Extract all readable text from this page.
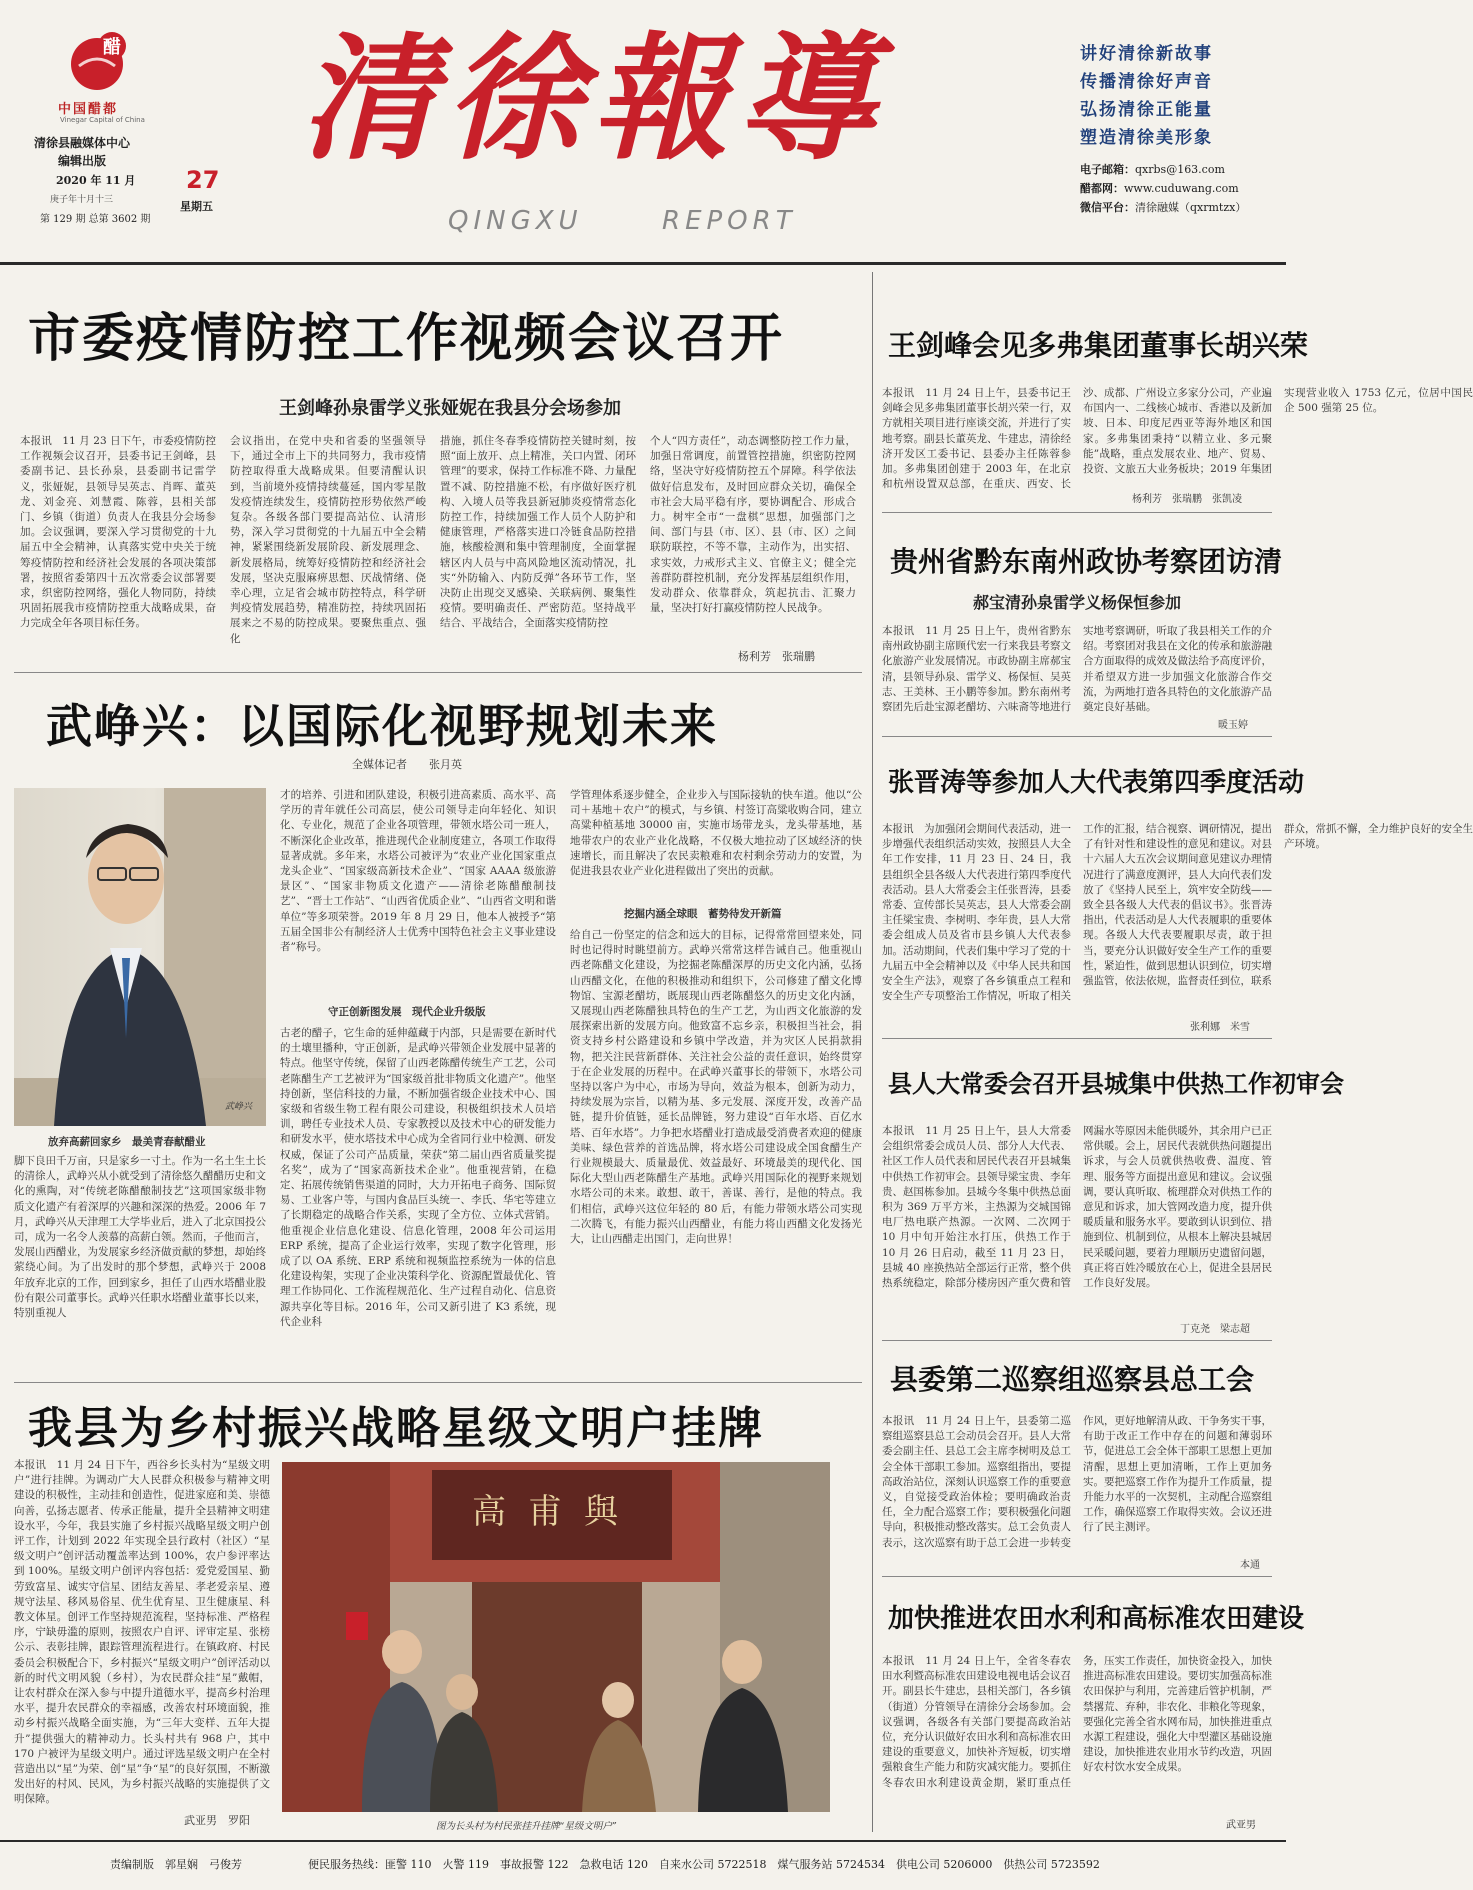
醋
中国醋都
Vinegar Capital of China
清徐县融媒体中心
编辑出版
2020 年 11 月 27
庚子年十月十三	星期五
第 129 期 总第 3602 期
清徐報導
QINGXU	REPORT
讲好清徐新故事
传播清徐好声音
弘扬清徐正能量
塑造清徐美形象
电子邮箱：qxrbs@163.com
醋都网：www.cuduwang.com
微信平台：清徐融媒（qxrmtzx）
市委疫情防控工作视频会议召开
王剑峰孙泉雷学义张娅妮在我县分会场参加
本报讯　11 月 23 日下午，市委疫情防控工作视频会议召开，县委书记王剑峰，县委副书记、县长孙泉，县委副书记雷学义，张娅妮，县领导吴英志、肖晖、董英龙、刘金亮、刘慧霞、陈蓉，县相关部门、乡镇（街道）负责人在我县分会场参加。会议强调，要深入学习贯彻党的十九届五中全会精神，认真落实党中央关于统筹疫情防控和经济社会发展的各项决策部署，按照省委第四十五次常委会议部署要求，织密防控网络，强化人物同防，持续巩固拓展我市疫情防控重大战略成果，奋力完成全年各项目标任务。
会议指出，在党中央和省委的坚强领导下，通过全市上下的共同努力，我市疫情防控取得重大战略成果。但要清醒认识到，当前境外疫情持续蔓延，国内零星散发疫情连续发生，疫情防控形势依然严峻复杂。各级各部门要提高站位、认清形势，深入学习贯彻党的十九届五中全会精神，紧紧围绕新发展阶段、新发展理念、新发展格局，统筹好疫情防控和经济社会发展，坚决克服麻痹思想、厌战情绪、侥幸心理，立足省会城市防控特点，科学研判疫情发展趋势，精准防控，持续巩固拓展来之不易的防控成果。要聚焦重点、强化
措施，抓住冬春季疫情防控关键时刻，按照“面上放开、点上精准，关口内置、闭环管理”的要求，保持工作标准不降、力量配置不减、防控措施不松，有序做好医疗机构、入境人员等我县新冠肺炎疫情常态化防控工作，持续加强工作人员个人防护和健康管理，严格落实进口冷链食品防控措施，核酸检测和集中管理制度，全面掌握辖区内人员与中高风险地区流动情况，扎实“外防输入、内防反弹”各环节工作，坚决防止出现交叉感染、关联病例、聚集性疫情。要明确责任、严密防范。坚持战平结合、平战结合，全面落实疫情防控
个人“四方责任”，动态调整防控工作力量，加强日常调度，前置管控措施，织密防控网络，坚决守好疫情防控五个屏障。科学依法做好信息发布，及时回应群众关切，确保全市社会大局平稳有序，要协调配合、形成合力。树牢全市“一盘棋”思想，加强部门之间、部门与县（市、区）、县（市、区）之间联防联控，不等不靠，主动作为，出实招、求实效，力戒形式主义、官僚主义；健全完善群防群控机制，充分发挥基层组织作用，发动群众、依靠群众，筑起抗击、汇聚力量，坚决打好打赢疫情防控人民战争。
杨利芳　张瑞鹏
武峥兴：以国际化视野规划未来
全媒体记者　　张月英
武峥兴
放弃高薪回家乡　最美青春献醋业
脚下良田千万亩，只是家乡一寸土。作为一名土生土长的清徐人，武峥兴从小就受到了清徐悠久醋醋历史和文化的熏陶，对“传统老陈醋酿制技艺”这项国家级非物质文化遗产有着深厚的兴趣和深深的热爱。2006 年 7 月，武峥兴从天津理工大学毕业后，进入了北京国投公司，成为一名令人羡慕的高薪白领。然而，子他而言，发展山西醋业，为发展家乡经济做贡献的梦想，却始终萦绕心间。为了出发时的那个梦想，武峥兴于 2008 年放弃北京的工作，回到家乡，担任了山西水塔醋业股份有限公司董事长。武峥兴任职水塔醋业董事长以来，特别重视人
才的培养、引进和团队建设，积极引进高素质、高水平、高学历的青年就任公司高层，使公司领导走向年轻化、知识化、专业化，规范了企业各项管理，带领水塔公司一班人，不断深化企业改革，推进现代企业制度建立，各项工作取得显著成就。多年来，水塔公司被评为“农业产业化国家重点龙头企业”、“国家级高新技术企业”、“国家 AAAA 级旅游景区”、“国家非物质文化遗产——清徐老陈醋酿制技艺”、“晋士工作站”、“山西省优质企业”、“山西省文明和谐单位”等多项荣誉。2019 年 8 月 29 日，他本人被授予“第五届全国非公有制经济人士优秀中国特色社会主义事业建设者”称号。
守正创新图发展　现代企业升级版
古老的醋子，它生命的延伸蕴藏于内部，只是需要在新时代的土壤里播种，守正创新，是武峥兴带领企业发展中显著的特点。他坚守传统，保留了山西老陈醋传统生产工艺，公司老陈醋生产工艺被评为“国家级首批非物质文化遗产”。他坚持创新，坚信科技的力量，不断加强省级企业技术中心、国家级和省级生物工程有限公司建设，积极组织技术人员培训，聘任专业技术人员、专家教授以及技术中心的研发能力和研发水平，使水塔技术中心成为全省同行业中检测、研发权威，保证了公司产品质量，荣获“第二届山西省质量奖提名奖”，成为了“国家高新技术企业”。他重视营销，在稳定、拓展传统销售渠道的同时，大力开拓电子商务、国际贸易、工业客户等，与国内食品巨头统一、李氏、华宅等建立了长期稳定的战略合作关系，实现了全方位、立体式营销。他重视企业信息化建设、信息化管理，2008 年公司运用 ERP 系统，提高了企业运行效率，实现了数字化管理，形成了以 OA 系统、ERP 系统和视频监控系统为一体的信息化建设构架，实现了企业决策科学化、资源配置最优化、管理工作协同化、工作流程规范化、生产过程自动化、信息资源共享化等目标。2016 年，公司又新引进了 K3 系统，现代企业科
学管理体系逐步健全，企业步入与国际接轨的快车道。他以“公司＋基地＋农户”的模式，与乡镇、村签订高粱收购合同，建立高粱种植基地 30000 亩，实施市场带龙头，龙头带基地，基地带农户的农业产业化战略，不仅极大地拉动了区域经济的快速增长，而且解决了农民卖粮难和农村剩余劳动力的安置，为促进我县农业产业化进程做出了突出的贡献。
挖掘内涵全球眼　蓄势待发开新篇
给自己一份坚定的信念和远大的目标，记得常常回望来处，同时也记得时时眺望前方。武峥兴常常这样告诫自己。他重视山西老陈醋文化建设，为挖掘老陈醋深厚的历史文化内涵，弘扬山西醋文化，在他的积极推动和组织下，公司修建了醋文化博物馆、宝源老醋坊，既展现山西老陈醋悠久的历史文化内涵，又展现山西老陈醋独具特色的生产工艺，为山西文化旅游的发展探索出新的发展方向。他致富不忘乡亲，积极担当社会，捐资支持乡村公路建设和乡镇中学改造，并为灾区人民捐款捐物，把关注民营新群体、关注社会公益的责任意识，始终贯穿于在企业发展的历程中。在武峥兴董事长的带领下，水塔公司坚持以客户为中心，市场为导向，效益为根本，创新为动力，持续发展为宗旨，以精为基、多元发展、深度开发，改善产品链，提升价值链，延长品牌链，努力建设“百年水塔、百亿水塔、百年水塔”。力争把水塔醋业打造成最受消费者欢迎的健康美味、绿色营养的首选品牌，将水塔公司建设成全国食醋生产行业规模最大、质量最优、效益最好、环境最美的现代化、国际化大型山西老陈醋生产基地。武峥兴用国际化的视野来规划水塔公司的未来。敢想、敢干，善谋、善行，是他的特点。我们相信，武峥兴这位年轻的 80 后，有能力带领水塔公司实现二次腾飞，有能力振兴山西醋业，有能力将山西醋文化发扬光大，让山西醋走出国门，走向世界！
我县为乡村振兴战略星级文明户挂牌
本报讯　11 月 24 日下午，西谷乡长头村为“星级文明户”进行挂牌。为调动广大人民群众积极参与精神文明建设的积极性，主动挂和创造性，促进家庭和美、崇德向善，弘扬志愿者、传承正能量，提升全县精神文明建设水平，今年，我县实施了乡村振兴战略星级文明户创评工作，计划到 2022 年实现全县行政村（社区）“星级文明户”创评活动覆盖率达到 100%，农户参评率达到 100%。星级文明户创评内容包括：爱党爱国星、勤劳致富星、诚实守信星、团结友善星、孝老爱亲星、遵规守法星、移风易俗星、优生优育星、卫生健康星、科教文体星。创评工作坚持规范流程，坚持标准、严格程序，宁缺毋滥的原则，按照农户自评、评审定星、张榜公示、表彰挂牌，跟踪管理流程进行。在镇政府、村民委员会积极配合下，乡村振兴“星级文明户”创评活动以新的时代文明风貌（乡村），为农民群众挂“星”戴帽，让农村群众在深入参与中提升道德水平，提高乡村治理水平，提升农民群众的幸福感，改善农村环境面貌，推动乡村振兴战略全面实施，为“三年大变样、五年大提升”提供强大的精神动力。长头村共有 968 户，其中 170 户被评为星级文明户。通过评选星级文明户在全村营造出以“星”为荣、创“星”争“星”的良好氛围，不断激发出好的村风、民风，为乡村振兴战略的实施提供了文明保障。
武亚男　罗阳
高甫與
图为长头村为村民张挂升挂牌“星级文明户”
王剑峰会见多弗集团董事长胡兴荣
本报讯　11 月 24 日上午，县委书记王剑峰会见多弗集团董事长胡兴荣一行，双方就相关项目进行座谈交流，并进行了实地考察。副县长董英龙、牛建忠，清徐经济开发区工委书记、县委办主任陈蓉参加。多弗集团创建于 2003 年，在北京和杭州设置双总部，在重庆、西安、长沙、成都、广州设立多家分公司，产业遍布国内一、二线核心城市、香港以及新加坡、日本、印度尼西亚等海外地区和国家。多弗集团秉持“以精立业、多元聚能”战略，重点发展农业、地产、贸易、投资、文旅五大业务板块；2019 年集团实现营业收入 1753 亿元，位居中国民企 500 强第 25 位。
杨利芳　张瑞鹏　张凯凌
贵州省黔东南州政协考察团访清
郝宝清孙泉雷学义杨保恒参加
本报讯　11 月 25 日上午，贵州省黔东南州政协副主席顾代宏一行来我县考察文化旅游产业发展情况。市政协副主席郝宝清，县领导孙泉、雷学义、杨保恒、吴英志、王美林、王小鹏等参加。黔东南州考察团先后赴宝源老醋坊、六味斋等地进行实地考察调研，听取了我县相关工作的介绍。考察团对我县在文化的传承和旅游融合方面取得的成效及做法给予高度评价，并希望双方进一步加强文化旅游合作交流，为两地打造各具特色的文化旅游产品奠定良好基础。
暖玉婷
张晋涛等参加人大代表第四季度活动
本报讯　为加强闭会期间代表活动，进一步增强代表组织活动实效，按照县人大全年工作安排，11 月 23 日、24 日，我县组织全县各级人大代表进行第四季度代表活动。县人大常委会主任张晋涛，县委常委、宣传部长吴英志，县人大常委会副主任梁宝贵、李树明、李年贵，县人大常委会组成人员及省市县乡镇人大代表参加。活动期间，代表们集中学习了党的十九届五中全会精神以及《中华人民共和国安全生产法》，观察了各乡镇重点工程和安全生产专项整治工作情况，听取了相关工作的汇报，结合视察、调研情况，提出了有针对性和建设性的意见和建议。对县十六届人大五次会议期间意见建议办理情况进行了满意度测评，县人大向代表们发放了《坚持人民至上，筑牢安全防线——致全县各级人大代表的倡议书》。张晋涛指出，代表活动是人大代表履职的重要体现。各级人大代表要履职尽责，敢于担当，要充分认识做好安全生产工作的重要性，紧迫性，做到思想认识到位，切实增强监管，依法依规，监督责任到位，联系群众，常抓不懈，全力维护良好的安全生产环境。
张利娜　米雪
县人大常委会召开县城集中供热工作初审会
本报讯　11 月 25 日上午，县人大常委会组织常委会成员人员、部分人大代表、社区工作人员代表和居民代表召开县城集中供热工作初审会。县领导梁宝贵、李年贵、赵国栋参加。县城今冬集中供热总面积为 369 万平方米，主热源为交城国锦电厂热电联产热源。一次网、二次网于 10 月中旬开始注水打压，供热工作于 10 月 26 日启动，截至 11 月 23 日，县城 40 座换热站全部运行正常，整个供热系统稳定，除部分楼房因产重欠费和管网漏水等原因未能供暖外，其余用户已正常供暖。会上，居民代表就供热问题提出诉求，与会人员就供热收费、温度、管理、服务等方面提出意见和建议。会议强调，要认真听取、梳理群众对供热工作的意见和诉求，加大管网改造力度，提升供暖质量和服务水平。要敢到认识到位、措施到位、机制到位，从根本上解决县城居民采暖问题，要着力理顺历史遗留问题，真正将百姓冷暖放在心上，促进全县居民工作良好发展。
丁克尧　梁志超
县委第二巡察组巡察县总工会
本报讯　11 月 24 日上午，县委第二巡察组巡察县总工会动员会召开。县人大常委会副主任、县总工会主席李树明及总工会全体干部职工参加。巡察组指出，要提高政治站位，深刻认识巡察工作的重要意义，自觉接受政治体检；要明确政治责任，全力配合巡察工作；要积极强化问题导向，积极推动整改落实。总工会负责人表示，这次巡察有助于总工会进一步转变作风，更好地解清从政、干争务实干事，有助于改正工作中存在的问题和薄弱环节，促进总工会全体干部职工思想上更加清醒，思想上更加清晰，工作上更加务实。要把巡察工作作为提升工作质量，提升能力水平的一次契机，主动配合巡察组工作，确保巡察工作取得实效。会议还进行了民主测评。
本通
加快推进农田水利和高标准农田建设
本报讯　11 月 24 日上午，全省冬春农田水利暨高标准农田建设电视电话会议召开。副县长牛建忠，县相关部门，各乡镇（街道）分管领导在清徐分会场参加。会议强调，各级各有关部门要提高政治站位，充分认识做好农田水利和高标准农田建设的重要意义，加快补齐短板，切实增强粮食生产能力和防灾减灾能力。要抓住冬春农田水利建设黄金期，紧盯重点任务，压实工作责任，加快资金投入，加快推进高标准农田建设。要切实加强高标准农田保护与利用，完善建后管护机制，严禁撂荒、弃种，非农化、非粮化等现象，要强化完善全省水网布局，加快推进重点水源工程建设，强化大中型灌区基础设施建设，加快推进农业用水节约改造，巩固好农村饮水安全成果。
武亚男
责编制版　郭星娴　弓俊芳	便民服务热线：匪警 110　火警 119　事故报警 122　急救电话 120　自来水公司 5722518　煤气服务站 5724534　供电公司 5206000　供热公司 5723592
